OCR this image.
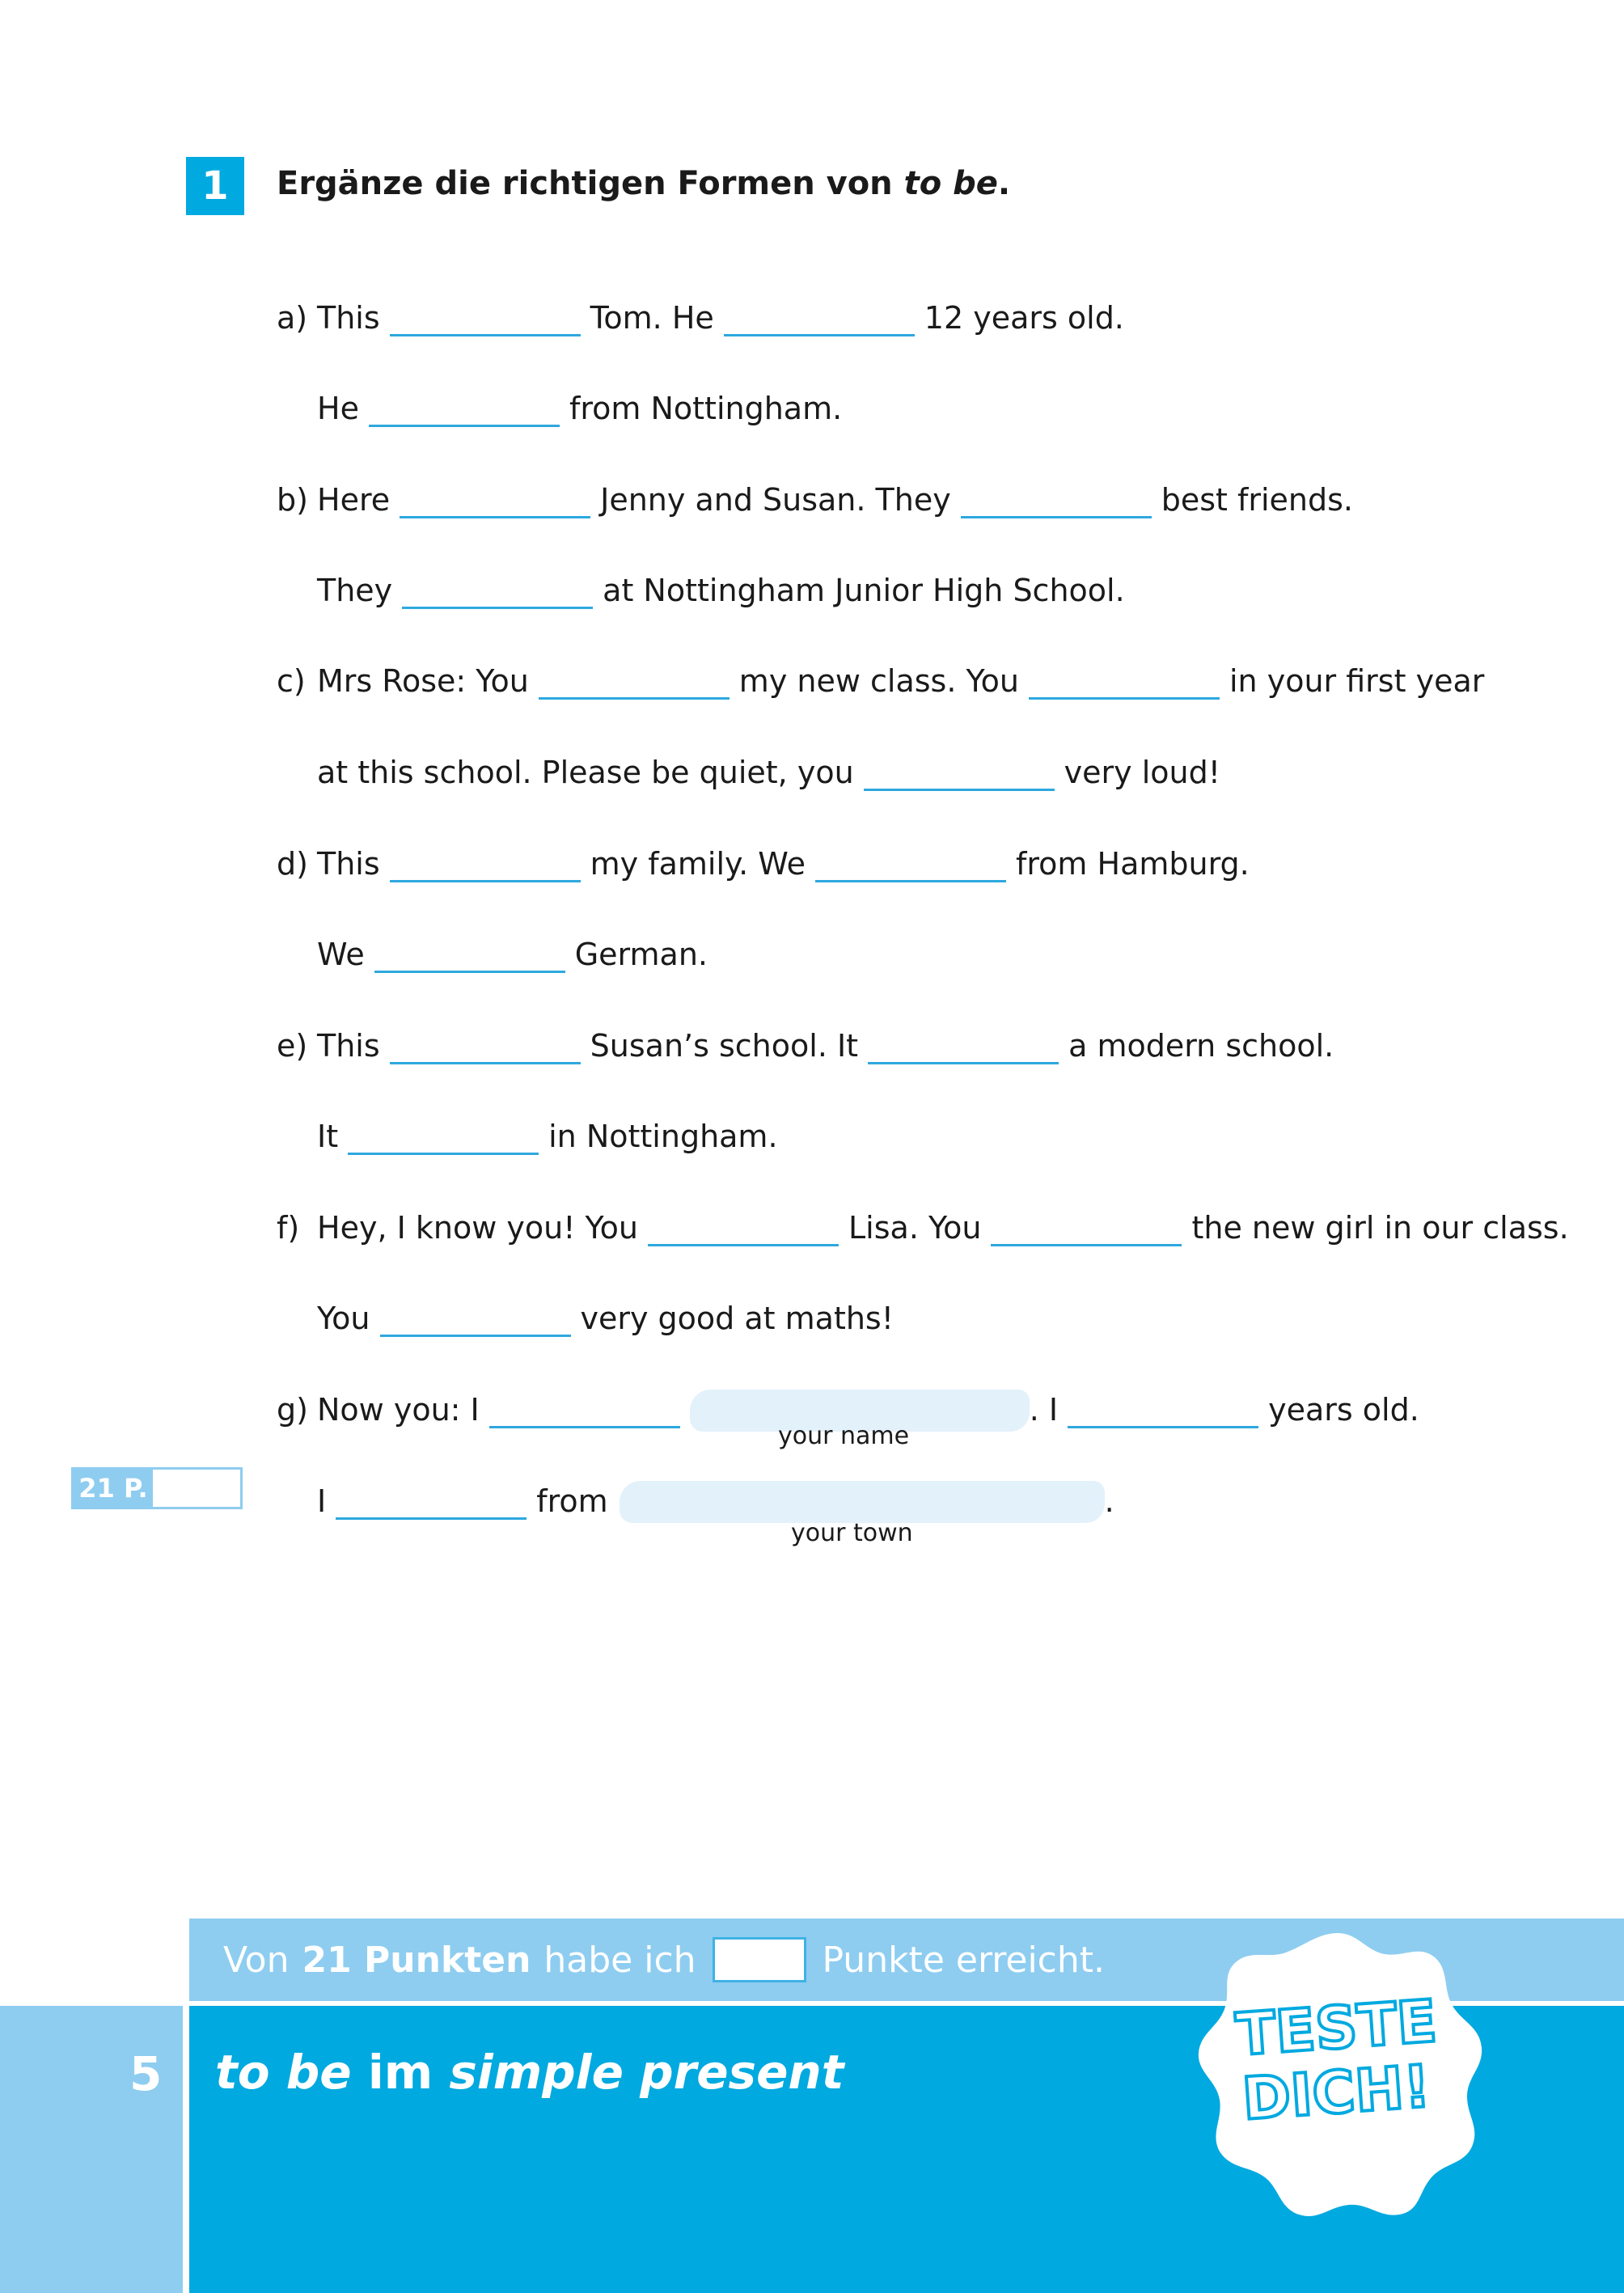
1	Ergänze die richtigen Formen von to be.
a) This	Tom. He	12 years old.
He	from Nottingham.
b) Here	Jenny and Susan. They	best friends.
They	at Nottingham Junior High School.
c) Mrs Rose: You	my new class. You	in your first year
at this school. Please be quiet, you	very loud!
d) This	my family. We	from Hamburg.
We	German.
e) This	Susan’s school. It	a modern school.
It	in Nottingham.
f) Hey, I know you! You	Lisa. You	the new girl in our class.
You	very good at maths!
g) Now you: I	. I	years old.
your name
I	from	.
your town
21 P.
Von 21 Punkten habe ich	Punkte erreicht.
5 to be im simple present
TESTE
DICH!
